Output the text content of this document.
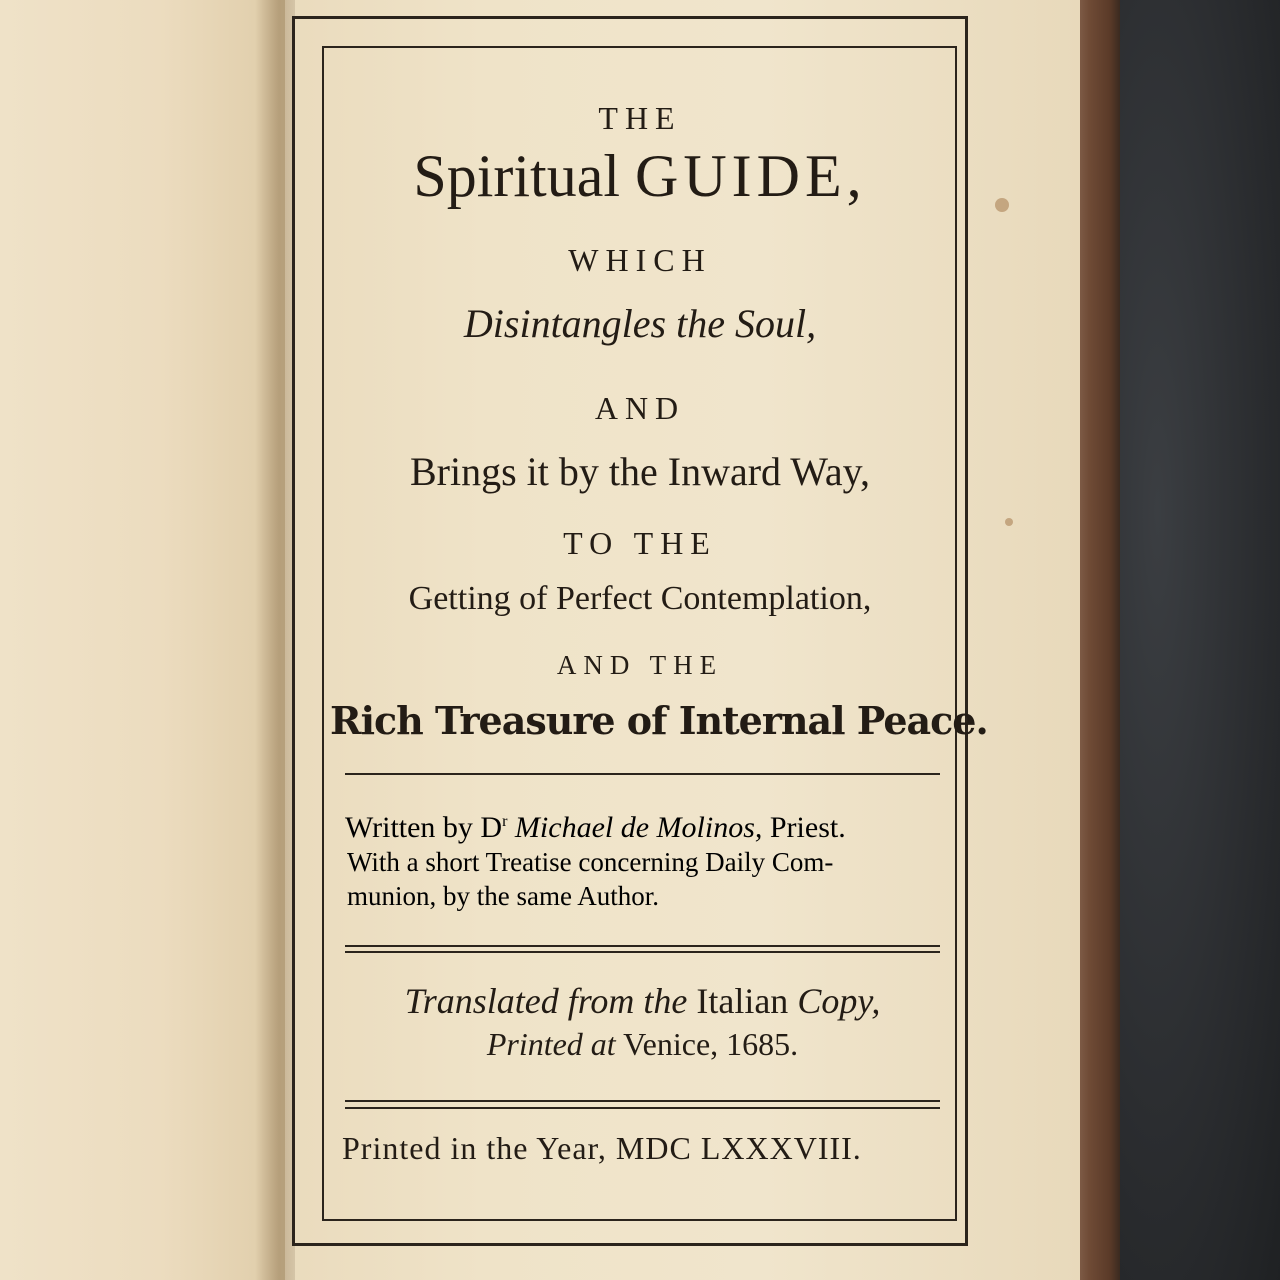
THE
Spiritual GUIDE,
WHICH
Disintangles the Soul,
AND
Brings it by the Inward Way,
TO THE
Getting of Perfect Contemplation,
AND THE
Rich Treasure of Internal Peace.
Written by $D^r$ Michael de Molinos, Priest.
With a short Treatise concerning Daily Com-
munion, by the same Author.
Translated from the Italian Copy,
Printed at Venice, 1685.
Printed in the Year, MDC LXXXVIII.
